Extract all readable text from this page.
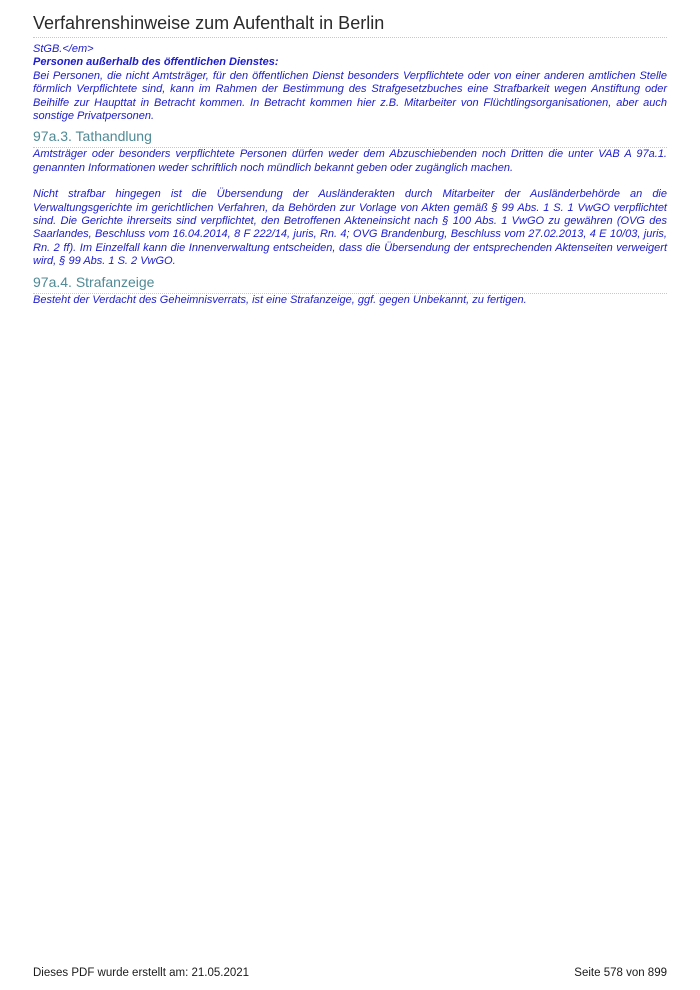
Verfahrenshinweise zum Aufenthalt in Berlin

StGB.</em>

Personen außerhalb des öffentlichen Dienstes:

Bei Personen, die nicht Amtsträger, für den öffentlichen Dienst besonders Verpflichtete oder von einer anderen amtlichen Stelle förmlich Verpflichtete sind, kann im Rahmen der Bestimmung des Strafgesetzbuches eine Strafbarkeit wegen Anstiftung oder Beihilfe zur Haupttat in Betracht kommen. In Betracht kommen hier z.B. Mitarbeiter von Flüchtlingsorganisationen, aber auch sonstige Privatpersonen.

97a.3. Tathandlung

Amtsträger oder besonders verpflichtete Personen dürfen weder dem Abzuschiebenden noch Dritten die unter VAB A 97a.1. genannten Informationen weder schriftlich noch mündlich bekannt geben oder zugänglich machen.

Nicht strafbar hingegen ist die Übersendung der Ausländerakten durch Mitarbeiter der Ausländerbehörde an die Verwaltungsgerichte im gerichtlichen Verfahren, da Behörden zur Vorlage von Akten gemäß § 99 Abs. 1 S. 1 VwGO verpflichtet sind. Die Gerichte ihrerseits sind verpflichtet, den Betroffenen Akteneinsicht nach § 100 Abs. 1 VwGO zu gewähren (OVG des Saarlandes, Beschluss vom 16.04.2014, 8 F 222/14, juris, Rn. 4; OVG Brandenburg, Beschluss vom 27.02.2013, 4 E 10/03, juris, Rn. 2 ff). Im Einzelfall kann die Innenverwaltung entscheiden, dass die Übersendung der entsprechenden Aktenseiten verweigert wird, § 99 Abs. 1 S. 2 VwGO.

97a.4. Strafanzeige

Besteht der Verdacht des Geheimnisverrats, ist eine Strafanzeige, ggf. gegen Unbekannt, zu fertigen.

Dieses PDF wurde erstellt am: 21.05.2021	Seite 578 von 899
